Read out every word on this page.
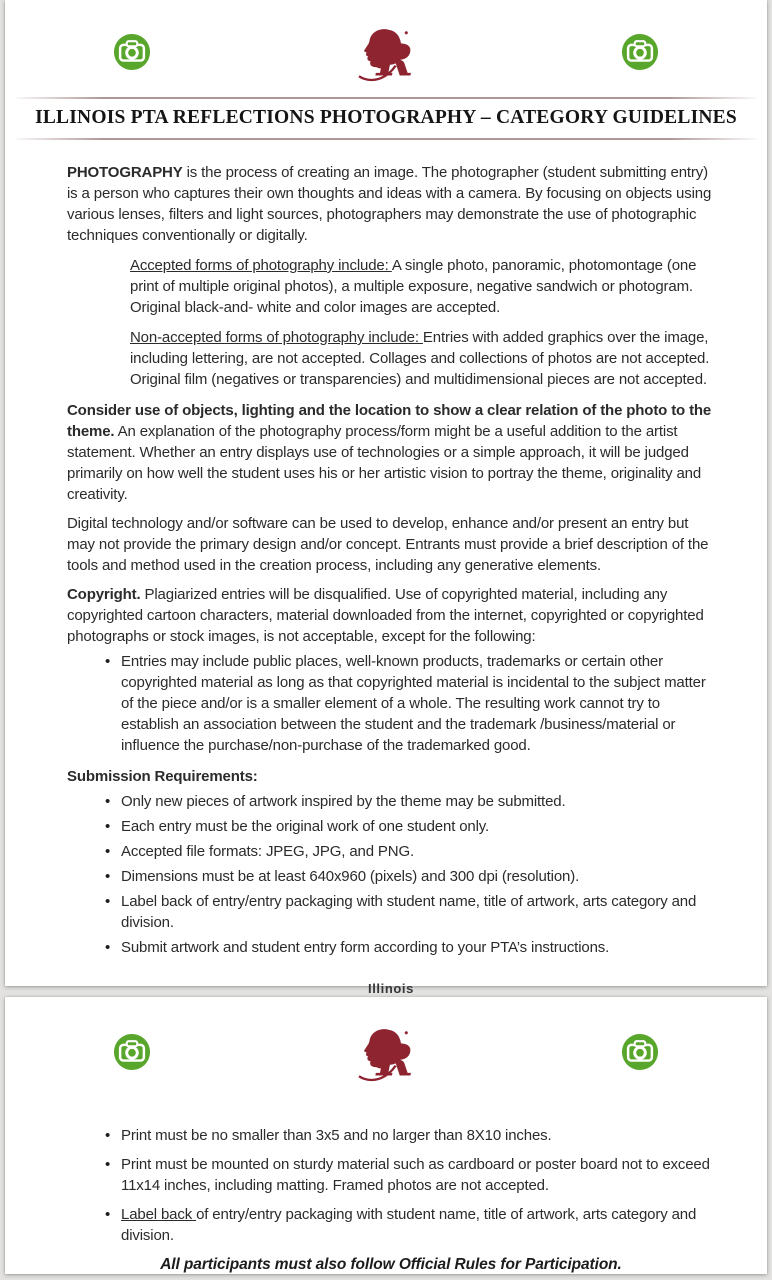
R
ILLINOIS PTA REFLECTIONS PHOTOGRAPHY – CATEGORY GUIDELINES

PHOTOGRAPHY is the process of creating an image. The photographer (student submitting entry) is a person who captures their own thoughts and ideas with a camera. By focusing on objects using various lenses, filters and light sources, photographers may demonstrate the use of photographic techniques conventionally or digitally.

Accepted forms of photography include: A single photo, panoramic, photomontage (one print of multiple original photos), a multiple exposure, negative sandwich or photogram. Original black-and- white and color images are accepted.

Non-accepted forms of photography include: Entries with added graphics over the image, including lettering, are not accepted. Collages and collections of photos are not accepted. Original film (negatives or transparencies) and multidimensional pieces are not accepted.

Consider use of objects, lighting and the location to show a clear relation of the photo to the theme. An explanation of the photography process/form might be a useful addition to the artist statement. Whether an entry displays use of technologies or a simple approach, it will be judged primarily on how well the student uses his or her artistic vision to portray the theme, originality and creativity.

Digital technology and/or software can be used to develop, enhance and/or present an entry but may not provide the primary design and/or concept. Entrants must provide a brief description of the tools and method used in the creation process, including any generative elements.

Copyright. Plagiarized entries will be disqualified. Use of copyrighted material, including any copyrighted cartoon characters, material downloaded from the internet, copyrighted or copyrighted photographs or stock images, is not acceptable, except for the following:

• Entries may include public places, well-known products, trademarks or certain other copyrighted material as long as that copyrighted material is incidental to the subject matter of the piece and/or is a smaller element of a whole. The resulting work cannot try to establish an association between the student and the trademark /business/material or influence the purchase/non-purchase of the trademarked good.

Submission Requirements:

• Only new pieces of artwork inspired by the theme may be submitted.
• Each entry must be the original work of one student only.
• Accepted file formats: JPEG, JPG, and PNG.
• Dimensions must be at least 640x960 (pixels) and 300 dpi (resolution).
• Label back of entry/entry packaging with student name, title of artwork, arts category and division.
• Submit artwork and student entry form according to your PTA’s instructions.
Illinois
R
• Print must be no smaller than 3x5 and no larger than 8X10 inches.
• Print must be mounted on sturdy material such as cardboard or poster board not to exceed 11x14 inches, including matting. Framed photos are not accepted.
• Label back of entry/entry packaging with student name, title of artwork, arts category and division.

All participants must also follow Official Rules for Participation.
